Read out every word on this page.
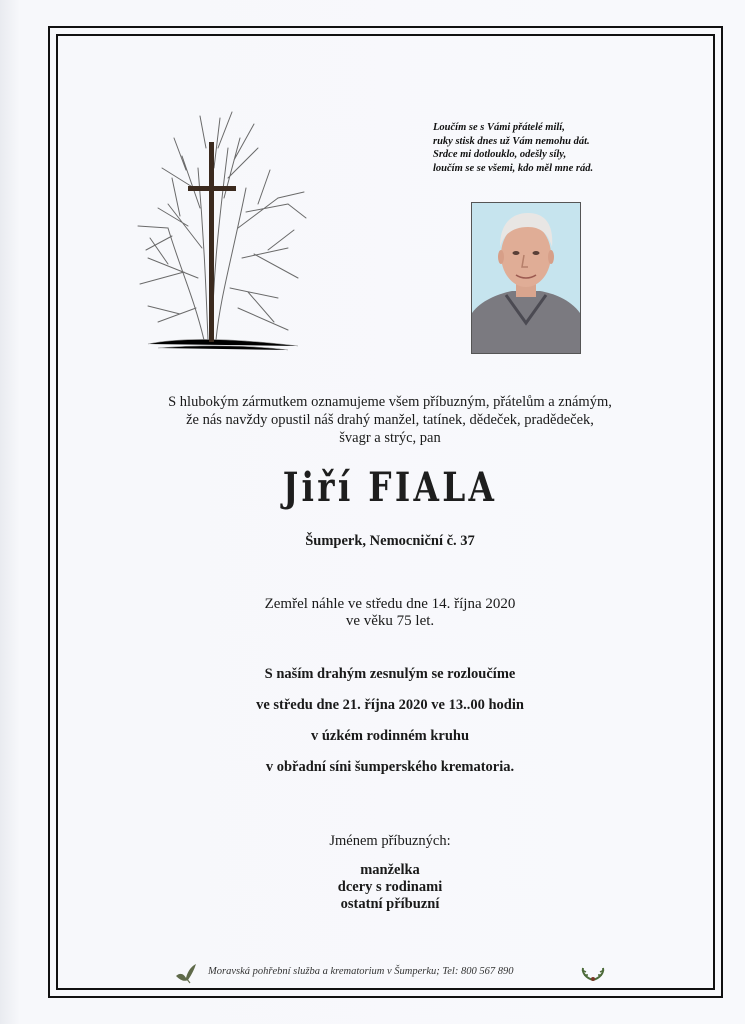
Loučím se s Vámi přátelé milí,
ruky stisk dnes už Vám nemohu dát.
Srdce mi dotlouklo, odešly síly,
loučím se se všemi, kdo měl mne rád.
S hlubokým zármutkem oznamujeme všem příbuzným, přátelům a známým,
že nás navždy opustil náš drahý manžel, tatínek, dědeček, pradědeček,
švagr a strýc, pan
Jiří FIALA
Šumperk, Nemocniční č. 37
Zemřel náhle ve středu dne 14. října 2020
ve věku 75 let.
S naším drahým zesnulým se rozloučíme
ve středu dne 21. října 2020 ve 13..00 hodin
v úzkém rodinném kruhu
v obřadní síni šumperského krematoria.
Jménem příbuzných:
manželka
dcery s rodinami
ostatní příbuzní
Moravská pohřební služba a krematorium v Šumperku; Tel: 800 567 890
